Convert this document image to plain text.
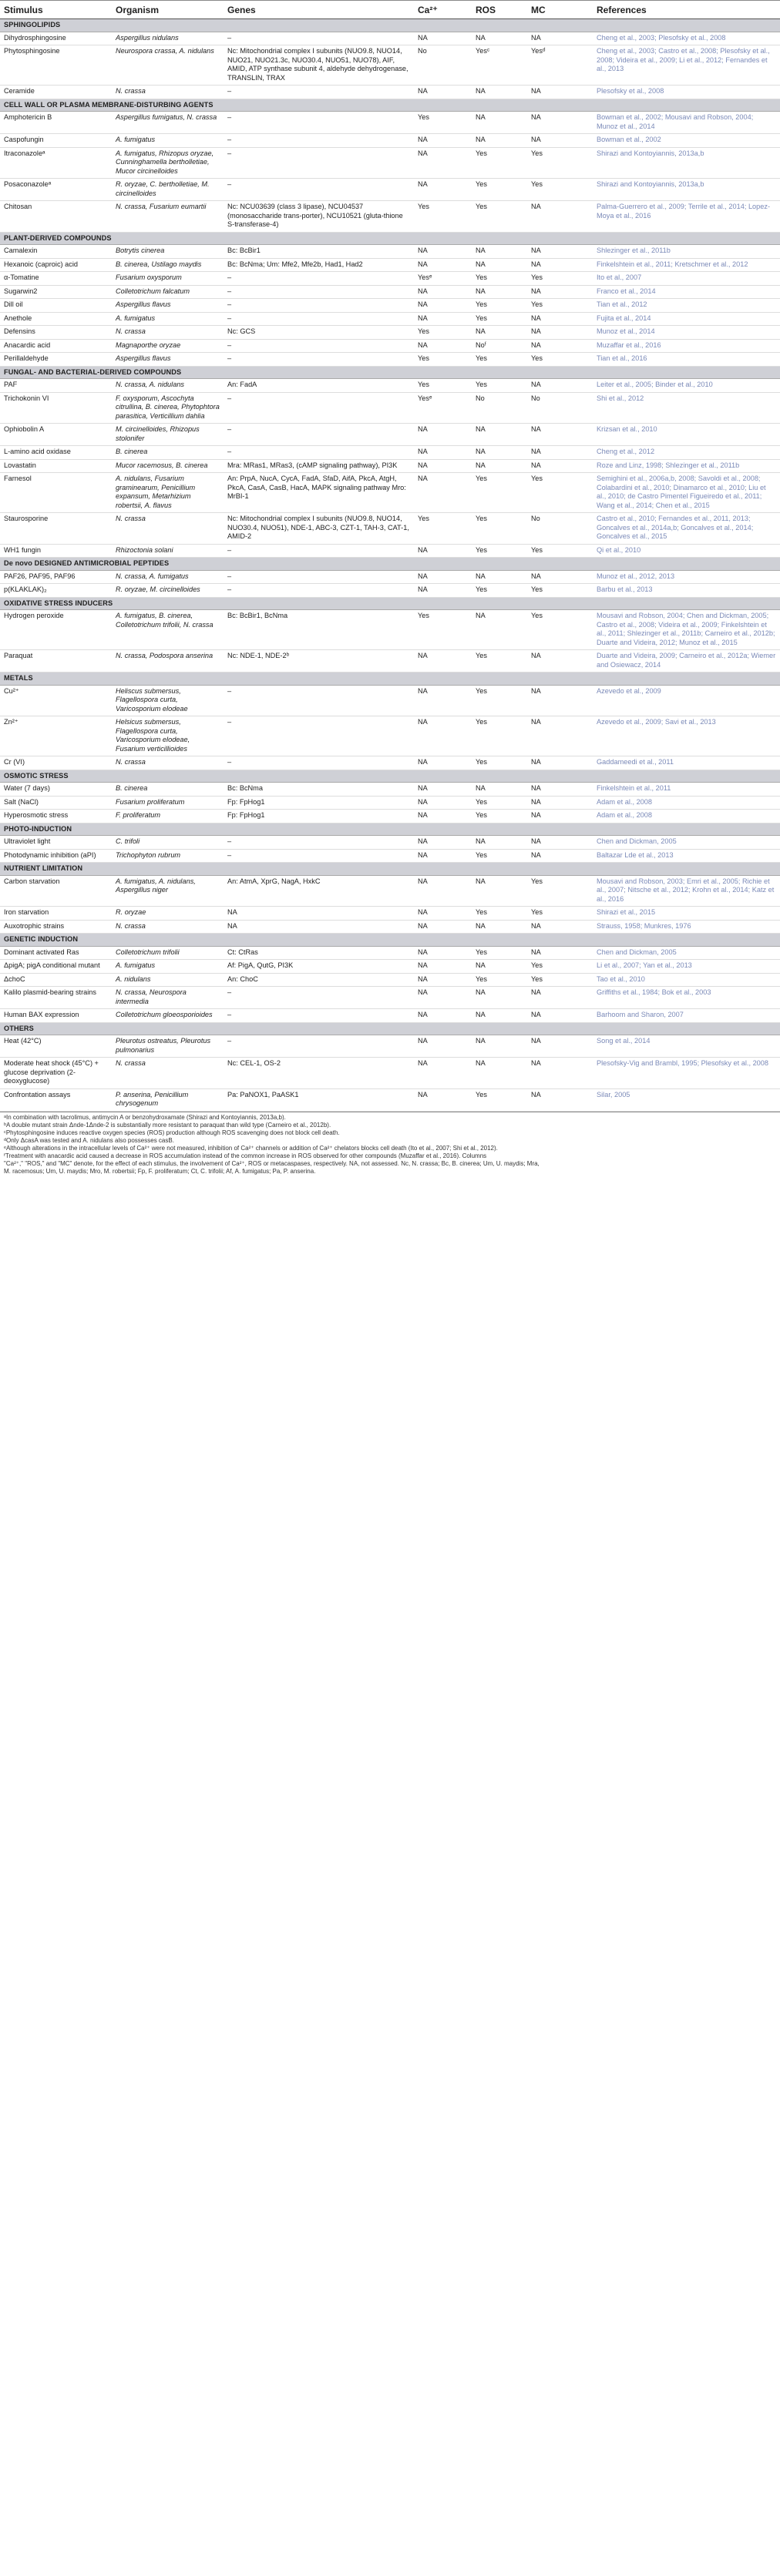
Stimulus	Organism	Genes	Ca²⁺	ROS	MC	References
SPHINGOLIPIDS						
Dihydrosphingosine	Aspergillus nidulans	–	NA	NA	NA	Cheng et al., 2003; Plesofsky et al., 2008
Phytosphingosine	Neurospora crassa, A. nidulans	Nc: Mitochondrial complex I subunits (NUO9.8, NUO14, NUO21, NUO21.3c, NUO30.4, NUO51, NUO78), AIF, AMID, ATP synthase subunit 4, aldehyde dehydrogenase, TRANSLIN, TRAX	No	Yesᶜ	Yesᵈ	Cheng et al., 2003; Castro et al., 2008; Plesofsky et al., 2008; Videira et al., 2009; Li et al., 2012; Fernandes et al., 2013
Ceramide	N. crassa	–	NA	NA	NA	Plesofsky et al., 2008
CELL WALL OR PLASMA MEMBRANE-DISTURBING AGENTS						
Amphotericin B	Aspergillus fumigatus, N. crassa	–	Yes	NA	NA	Bowman et al., 2002; Mousavi and Robson, 2004; Munoz et al., 2014
Caspofungin	A. fumigatus	–	NA	NA	NA	Bowman et al., 2002
Itraconazoleᵃ	A. fumigatus, Rhizopus oryzae, Cunninghamella bertholletiae, Mucor circinelloides	–	NA	Yes	Yes	Shirazi and Kontoyiannis, 2013a,b
Posaconazoleᵃ	R. oryzae, C. bertholletiae, M. circinelloides	–	NA	Yes	Yes	Shirazi and Kontoyiannis, 2013a,b
Chitosan	N. crassa, Fusarium eumartii	Nc: NCU03639 (class 3 lipase), NCU04537 (monosaccharide trans-porter), NCU10521 (gluta-thione S-transferase-4)	Yes	Yes	NA	Palma-Guerrero et al., 2009; Terrile et al., 2014; Lopez-Moya et al., 2016
PLANT-DERIVED COMPOUNDS						
Camalexin	Botrytis cinerea	Bc: BcBir1	NA	NA	NA	Shlezinger et al., 2011b
Hexanoic (caproic) acid	B. cinerea, Ustilago maydis	Bc: BcNma; Um: Mfe2, Mfe2b, Had1, Had2	NA	NA	NA	Finkelshtein et al., 2011; Kretschmer et al., 2012
α-Tomatine	Fusarium oxysporum	–	Yesᵉ	Yes	Yes	Ito et al., 2007
Sugarwin2	Colletotrichum falcatum	–	NA	NA	NA	Franco et al., 2014
Dill oil	Aspergillus flavus	–	NA	Yes	Yes	Tian et al., 2012
Anethole	A. fumigatus	–	NA	Yes	NA	Fujita et al., 2014
Defensins	N. crassa	Nc: GCS	Yes	NA	NA	Munoz et al., 2014
Anacardic acid	Magnaporthe oryzae	–	NA	Noᶠ	NA	Muzaffar et al., 2016
Perillaldehyde	Aspergillus flavus	–	Yes	Yes	Yes	Tian et al., 2016
FUNGAL- AND BACTERIAL-DERIVED COMPOUNDS						
PAF	N. crassa, A. nidulans	An: FadA	Yes	Yes	NA	Leiter et al., 2005; Binder et al., 2010
Trichokonin VI	F. oxysporum, Ascochyta citrullina, B. cinerea, Phytophtora parasitica, Verticillium dahlia	–	Yesᵉ	No	No	Shi et al., 2012
Ophiobolin A	M. circinelloides, Rhizopus stolonifer	–	NA	NA	NA	Krizsan et al., 2010
L-amino acid oxidase	B. cinerea	–	NA	NA	NA	Cheng et al., 2012
Lovastatin	Mucor racemosus, B. cinerea	Mra: MRas1, MRas3, (cAMP signaling pathway), PI3K	NA	NA	NA	Roze and Linz, 1998; Shlezinger et al., 2011b
Farnesol	A. nidulans, Fusarium graminearum, Penicillium expansum, Metarhizium robertsii, A. flavus	An: PrpA, NucA, CycA, FadA, SfaD, AifA, PkcA, AtgH, PkcA, CasA, CasB, HacA, MAPK signaling pathway Mro: MrBI-1	NA	Yes	Yes	Semighini et al., 2006a,b, 2008; Savoldi et al., 2008; Colabardini et al., 2010; Dinamarco et al., 2010; Liu et al., 2010; de Castro Pimentel Figueiredo et al., 2011; Wang et al., 2014; Chen et al., 2015
Staurosporine	N. crassa	Nc: Mitochondrial complex I subunits (NUO9.8, NUO14, NUO30.4, NUO51), NDE-1, ABC-3, CZT-1, TAH-3, CAT-1, AMID-2	Yes	Yes	No	Castro et al., 2010; Fernandes et al., 2011, 2013; Goncalves et al., 2014a,b; Goncalves et al., 2014; Goncalves et al., 2015
WH1 fungin	Rhizoctonia solani	–	NA	Yes	Yes	Qi et al., 2010
De novo DESIGNED ANTIMICROBIAL PEPTIDES						
PAF26, PAF95, PAF96	N. crassa, A. fumigatus	–	NA	NA	NA	Munoz et al., 2012, 2013
p(KLAKLAK)₂	R. oryzae, M. circinelloides	–	NA	Yes	Yes	Barbu et al., 2013
OXIDATIVE STRESS INDUCERS						
Hydrogen peroxide	A. fumigatus, B. cinerea, Colletotrichum trifolii, N. crassa	Bc: BcBir1, BcNma	Yes	NA	Yes	Mousavi and Robson, 2004; Chen and Dickman, 2005; Castro et al., 2008; Videira et al., 2009; Finkelshtein et al., 2011; Shlezinger et al., 2011b; Carneiro et al., 2012b; Duarte and Videira, 2012; Munoz et al., 2015
Paraquat	N. crassa, Podospora anserina	Nc: NDE-1, NDE-2ᵇ	NA	Yes	NA	Duarte and Videira, 2009; Carneiro et al., 2012a; Wiemer and Osiewacz, 2014
METALS						
Cu²⁺	Heliscus submersus, Flagellospora curta, Varicosporium elodeae	–	NA	Yes	NA	Azevedo et al., 2009
Zn²⁺	Helsicus submersus, Flagellospora curta, Varicosporium elodeae, Fusarium verticillioides	–	NA	Yes	NA	Azevedo et al., 2009; Savi et al., 2013
Cr (VI)	N. crassa	–	NA	Yes	NA	Gaddameedi et al., 2011
OSMOTIC STRESS						
Water (7 days)	B. cinerea	Bc: BcNma	NA	NA	NA	Finkelshtein et al., 2011
Salt (NaCl)	Fusarium proliferatum	Fp: FpHog1	NA	Yes	NA	Adam et al., 2008
Hyperosmotic stress	F. proliferatum	Fp: FpHog1	NA	Yes	NA	Adam et al., 2008
PHOTO-INDUCTION						
Ultraviolet light	C. trifoli	–	NA	NA	NA	Chen and Dickman, 2005
Photodynamic inhibition (aPI)	Trichophyton rubrum	–	NA	Yes	NA	Baltazar Lde et al., 2013
NUTRIENT LIMITATION						
Carbon starvation	A. fumigatus, A. nidulans, Aspergillus niger	An: AtmA, XprG, NagA, HxkC	NA	NA	Yes	Mousavi and Robson, 2003; Emri et al., 2005; Richie et al., 2007; Nitsche et al., 2012; Krohn et al., 2014; Katz et al., 2016
Iron starvation	R. oryzae	NA	NA	Yes	Yes	Shirazi et al., 2015
Auxotrophic strains	N. crassa	NA	NA	NA	NA	Strauss, 1958; Munkres, 1976
GENETIC INDUCTION						
Dominant activated Ras	Colletotrichum trifolii	Ct: CtRas	NA	Yes	NA	Chen and Dickman, 2005
ΔpigA; pigA conditional mutant	A. fumigatus	Af: PigA, QutG, PI3K	NA	NA	Yes	Li et al., 2007; Yan et al., 2013
ΔchoC	A. nidulans	An: ChoC	NA	Yes	Yes	Tao et al., 2010
Kalilo plasmid-bearing strains	N. crassa, Neurospora intermedia	–	NA	NA	NA	Griffiths et al., 1984; Bok et al., 2003
Human BAX expression	Colletotrichum gloeosporioides	–	NA	NA	NA	Barhoom and Sharon, 2007
OTHERS						
Heat (42°C)	Pleurotus ostreatus, Pleurotus pulmonarius	–	NA	NA	NA	Song et al., 2014
Moderate heat shock (45°C) + glucose deprivation (2-deoxyglucose)	N. crassa	Nc: CEL-1, OS-2	NA	NA	NA	Plesofsky-Vig and Brambl, 1995; Plesofsky et al., 2008
Confrontation assays	P. anserina, Penicillium chrysogenum	Pa: PaNOX1, PaASK1	NA	Yes	NA	Silar, 2005

ᵃIn combination with tacrolimus, antimycin A or benzohydroxamate (Shirazi and Kontoyiannis, 2013a,b).

ᵇA double mutant strain Δnde-1Δnde-2 is substantially more resistant to paraquat than wild type (Carneiro et al., 2012b).

ᶜPhytosphingosine induces reactive oxygen species (ROS) production although ROS scavenging does not block cell death.

ᵈOnly ΔcasA was tested and A. nidulans also possesses casB.

ᵉAlthough alterations in the intracellular levels of Ca²⁺ were not measured, inhibition of Ca²⁺ channels or addition of Ca²⁺ chelators blocks cell death (Ito et al., 2007; Shi et al., 2012).

ᶠTreatment with anacardic acid caused a decrease in ROS accumulation instead of the common increase in ROS observed for other compounds (Muzaffar et al., 2016). Columns

"Ca²⁺," "ROS," and "MC" denote, for the effect of each stimulus, the involvement of Ca²⁺, ROS or metacaspases, respectively. NA, not assessed. Nc, N. crassa; Bc, B. cinerea; Um, U. maydis; Mra,

M. racemosus; Um, U. maydis; Mro, M. robertsii; Fp, F. proliferatum; Ct, C. trifolii; Af, A. fumigatus; Pa, P. anserina.
